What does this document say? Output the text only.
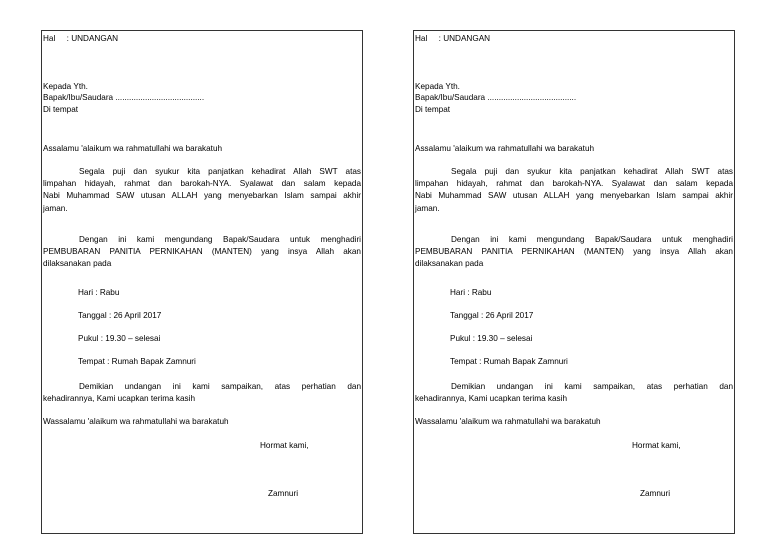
Hal : UNDANGAN
Kepada Yth.
Bapak/Ibu/Saudara .......................................
Di tempat
Assalamu 'alaikum wa rahmatullahi wa barakatuh
Segala puji dan syukur kita panjatkan kehadirat Allah SWT atas
limpahan hidayah, rahmat dan barokah-NYA. Syalawat dan salam kepada
Nabi Muhammad SAW utusan ALLAH yang menyebarkan Islam sampai akhir
jaman.
Dengan ini kami mengundang Bapak/Saudara untuk menghadiri
PEMBUBARAN PANITIA PERNIKAHAN (MANTEN) yang insya Allah akan
dilaksanakan pada
Hari : Rabu
Tanggal : 26 April 2017
Pukul : 19.30 – selesai
Tempat : Rumah Bapak Zamnuri
Demikian undangan ini kami sampaikan, atas perhatian dan
kehadirannya, Kami ucapkan terima kasih
Wassalamu 'alaikum wa rahmatullahi wa barakatuh
Hormat kami,
Zamnuri
Hal : UNDANGAN
Kepada Yth.
Bapak/Ibu/Saudara .......................................
Di tempat
Assalamu 'alaikum wa rahmatullahi wa barakatuh
Segala puji dan syukur kita panjatkan kehadirat Allah SWT atas
limpahan hidayah, rahmat dan barokah-NYA. Syalawat dan salam kepada
Nabi Muhammad SAW utusan ALLAH yang menyebarkan Islam sampai akhir
jaman.
Dengan ini kami mengundang Bapak/Saudara untuk menghadiri
PEMBUBARAN PANITIA PERNIKAHAN (MANTEN) yang insya Allah akan
dilaksanakan pada
Hari : Rabu
Tanggal : 26 April 2017
Pukul : 19.30 – selesai
Tempat : Rumah Bapak Zamnuri
Demikian undangan ini kami sampaikan, atas perhatian dan
kehadirannya, Kami ucapkan terima kasih
Wassalamu 'alaikum wa rahmatullahi wa barakatuh
Hormat kami,
Zamnuri
